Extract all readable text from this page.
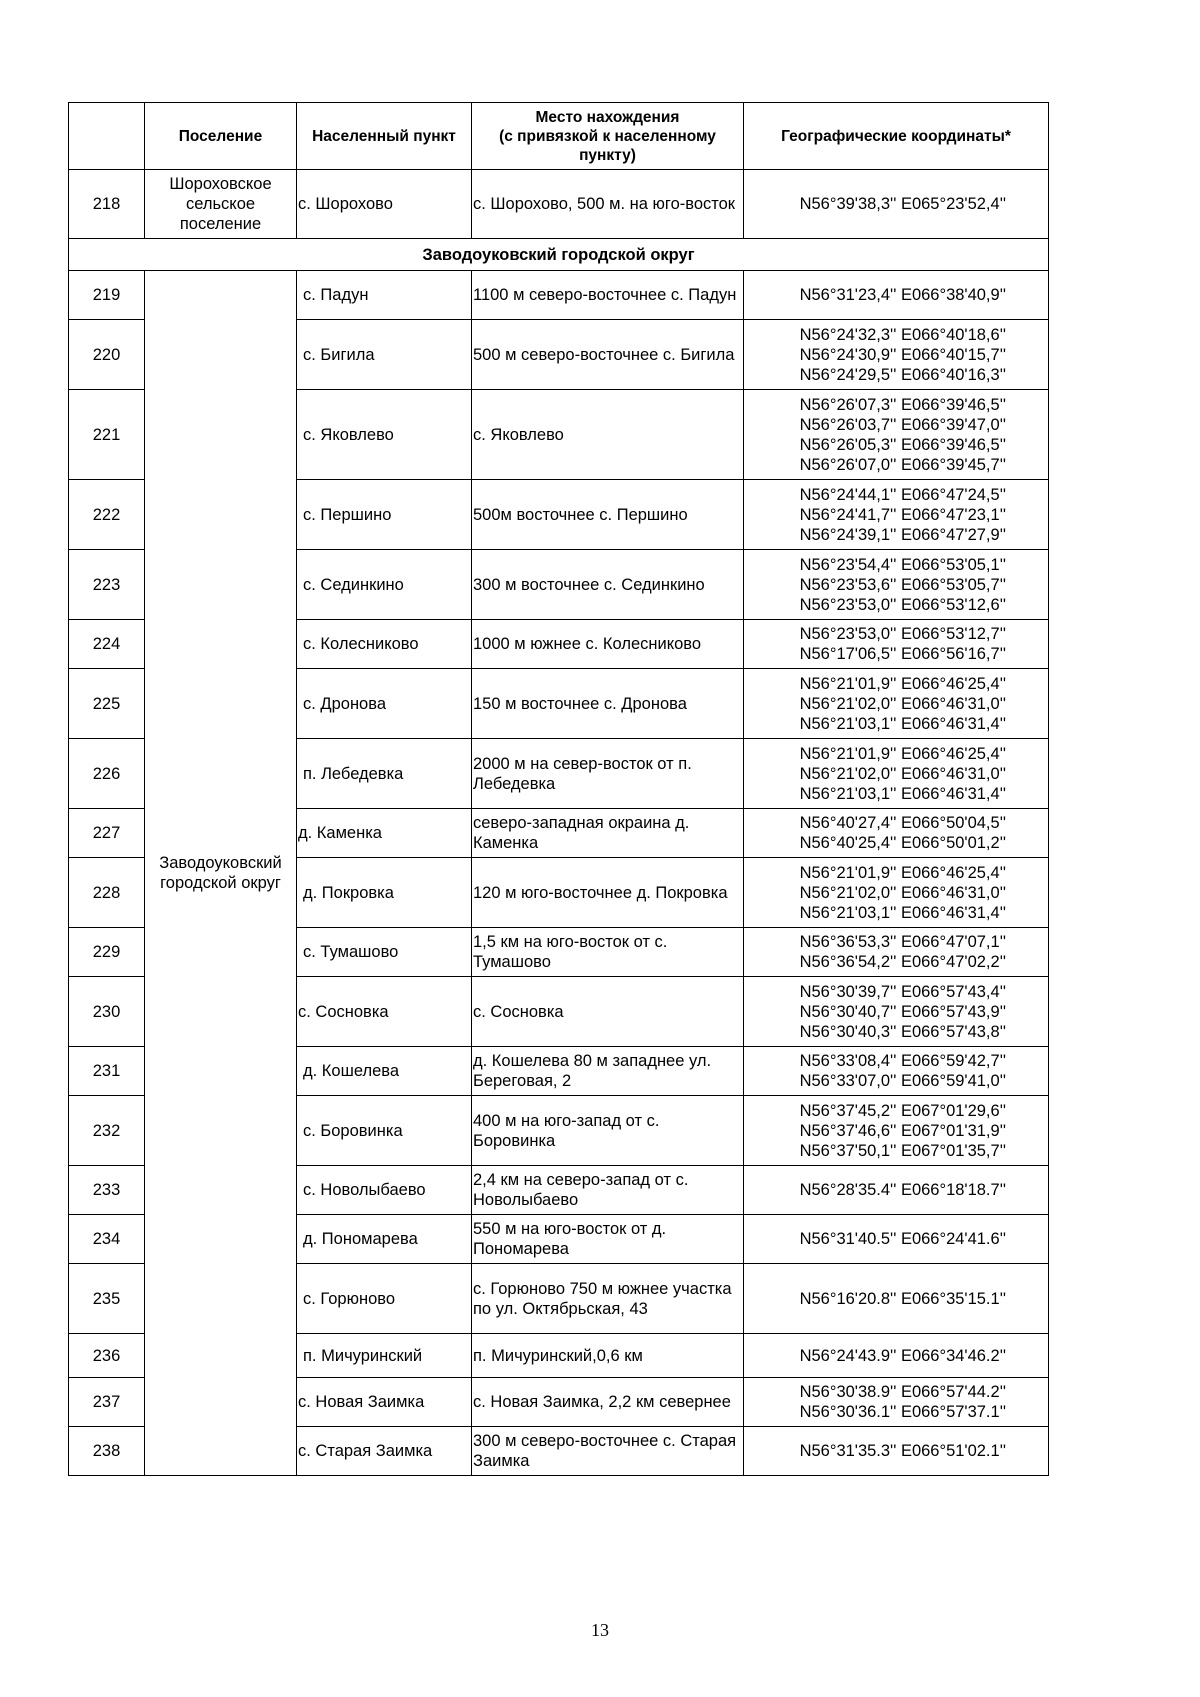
	Поселение	Населенный пункт	Место нахождения
(с привязкой к населенному
пункту)	Географические координаты*
218	Шороховское
сельское
поселение	с. Шорохово	с. Шорохово, 500 м. на юго-восток	N56°39'38,3'' E065°23'52,4''

Заводоуковский городской округ				
219	Заводоуковский городской округ	с. Падун	1100 м северо-восточнее с. Падун	N56°31'23,4'' E066°38'40,9''

220		с. Бигила	500 м северо-восточнее с. Бигила	N56°24'32,3'' E066°40'18,6''
N56°24'30,9'' E066°40'15,7''
N56°24'29,5'' E066°40'16,3''

221		с. Яковлево	с. Яковлево	N56°26'07,3'' E066°39'46,5''
N56°26'03,7'' E066°39'47,0''
N56°26'05,3'' E066°39'46,5''
N56°26'07,0'' E066°39'45,7''

222		с. Першино	500м восточнее с. Першино	N56°24'44,1'' E066°47'24,5''
N56°24'41,7'' E066°47'23,1''
N56°24'39,1'' E066°47'27,9''

223		с. Сединкино	300 м восточнее с. Сединкино	N56°23'54,4'' E066°53'05,1''
N56°23'53,6'' E066°53'05,7''
N56°23'53,0'' E066°53'12,6''

224		с. Колесниково	1000 м южнее с. Колесниково	N56°23'53,0'' E066°53'12,7''
N56°17'06,5'' E066°56'16,7''

225		с. Дронова	150 м восточнее с. Дронова	N56°21'01,9'' E066°46'25,4''
N56°21'02,0'' E066°46'31,0''
N56°21'03,1'' E066°46'31,4''

226		п. Лебедевка	2000 м на север-восток от п. Лебедевка	N56°21'01,9'' E066°46'25,4''
N56°21'02,0'' E066°46'31,0''
N56°21'03,1'' E066°46'31,4''

227		д. Каменка	северо-западная окраина д. Каменка	N56°40'27,4'' E066°50'04,5''
N56°40'25,4'' E066°50'01,2''

228		д. Покровка	120 м юго-восточнее д. Покровка	N56°21'01,9'' E066°46'25,4''
N56°21'02,0'' E066°46'31,0''
N56°21'03,1'' E066°46'31,4''

229		с. Тумашово	1,5 км на юго-восток от с. Тумашово	N56°36'53,3'' E066°47'07,1''
N56°36'54,2'' E066°47'02,2''

230		с. Сосновка	с. Сосновка	N56°30'39,7'' E066°57'43,4''
N56°30'40,7'' E066°57'43,9''
N56°30'40,3'' E066°57'43,8''

231		д. Кошелева	д. Кошелева 80 м западнее ул. Береговая, 2	N56°33'08,4'' E066°59'42,7''
N56°33'07,0'' E066°59'41,0''

232		с. Боровинка	400 м на юго-запад от с. Боровинка	N56°37'45,2'' E067°01'29,6''
N56°37'46,6'' E067°01'31,9''
N56°37'50,1'' E067°01'35,7''

233		с. Новолыбаево	2,4 км на северо-запад от с. Новолыбаево	N56°28'35.4'' E066°18'18.7''

234		д. Пономарева	550 м на юго-восток от д. Пономарева	N56°31'40.5'' E066°24'41.6''

235		с. Горюново	с. Горюново 750 м южнее участка по ул. Октябрьская, 43	N56°16'20.8'' E066°35'15.1''

236		п. Мичуринский	п. Мичуринский,0,6 км	N56°24'43.9'' E066°34'46.2''

237		с. Новая Заимка	с. Новая Заимка, 2,2 км севернее	N56°30'38.9'' E066°57'44.2''
N56°30'36.1'' E066°57'37.1''

238		с. Старая Заимка	300 м северо-восточнее с. Старая Заимка	N56°31'35.3'' E066°51'02.1''
13
